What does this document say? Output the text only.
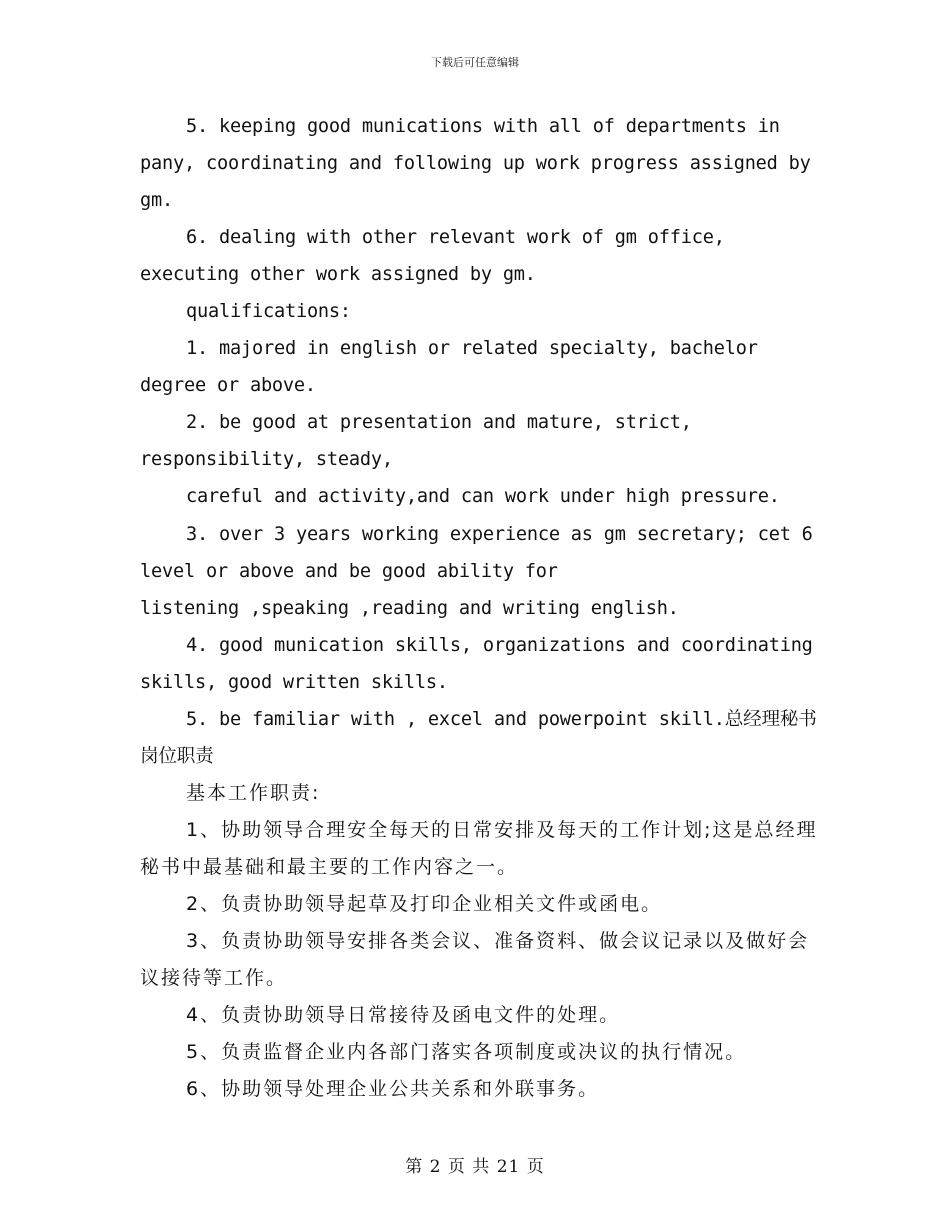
下载后可任意编辑

5. keeping good munications with all of departments in pany, coordinating and following up work progress assigned by gm.

6. dealing with other relevant work of gm office, executing other work assigned by gm.

qualifications:

1. majored in english or related specialty, bachelor degree or above.

2. be good at presentation and mature, strict, responsibility, steady,

careful and activity,and can work under high pressure.

3. over 3 years working experience as gm secretary; cet 6 level or above and be good ability for

listening ,speaking ,reading and writing english.

4. good munication skills, organizations and coordinating skills, good written skills.

5. be familiar with , excel and powerpoint skill.总经理秘书岗位职责

基本工作职责:

1、协助领导合理安全每天的日常安排及每天的工作计划;这是总经理秘书中最基础和最主要的工作内容之一。

2、负责协助领导起草及打印企业相关文件或函电。

3、负责协助领导安排各类会议、准备资料、做会议记录以及做好会议接待等工作。

4、负责协助领导日常接待及函电文件的处理。

5、负责监督企业内各部门落实各项制度或决议的执行情况。

6、协助领导处理企业公共关系和外联事务。

第 2 页 共 21 页
